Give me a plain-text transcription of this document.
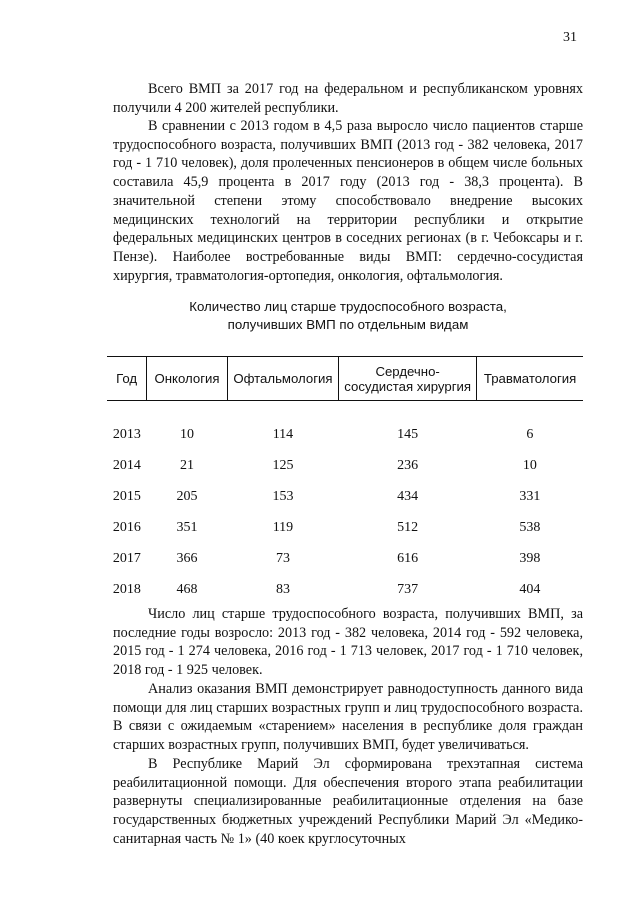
31

Всего ВМП за 2017 год на федеральном и республиканском уровнях получили 4 200 жителей республики.

В сравнении с 2013 годом в 4,5 раза выросло число пациентов старше трудоспособного возраста, получивших ВМП (2013 год - 382 человека, 2017 год - 1 710 человек), доля пролеченных пенсионеров в общем числе больных составила 45,9 процента в 2017 году (2013 год - 38,3 процента). В значительной степени этому способствовало внедрение высоких медицинских технологий на территории республики и открытие федеральных медицинских центров в соседних регионах (в г. Чебоксары и г. Пензе). Наиболее востребованные виды ВМП: сердечно-сосудистая хирургия, травматология-ортопедия, онкология, офтальмология.

Количество лиц старше трудоспособного возраста,
получивших ВМП по отдельным видам
Год	Онкология	Офтальмология	Сердечно-сосудистая хирургия	Травматология
2013	10	114	145	6
2014	21	125	236	10
2015	205	153	434	331
2016	351	119	512	538
2017	366	73	616	398
2018	468	83	737	404

Число лиц старше трудоспособного возраста, получивших ВМП, за последние годы возросло: 2013 год - 382 человека, 2014 год - 592 человека, 2015 год - 1 274 человека, 2016 год - 1 713 человек, 2017 год - 1 710 человек, 2018 год - 1 925 человек.

Анализ оказания ВМП демонстрирует равнодоступность данного вида помощи для лиц старших возрастных групп и лиц трудоспособного возраста. В связи с ожидаемым «старением» населения в республике доля граждан старших возрастных групп, получивших ВМП, будет увеличиваться.

В Республике Марий Эл сформирована трехэтапная система реабилитационной помощи. Для обеспечения второго этапа реабилитации развернуты специализированные реабилитационные отделения на базе государственных бюджетных учреждений Республики Марий Эл «Медико-санитарная часть № 1» (40 коек круглосуточных
